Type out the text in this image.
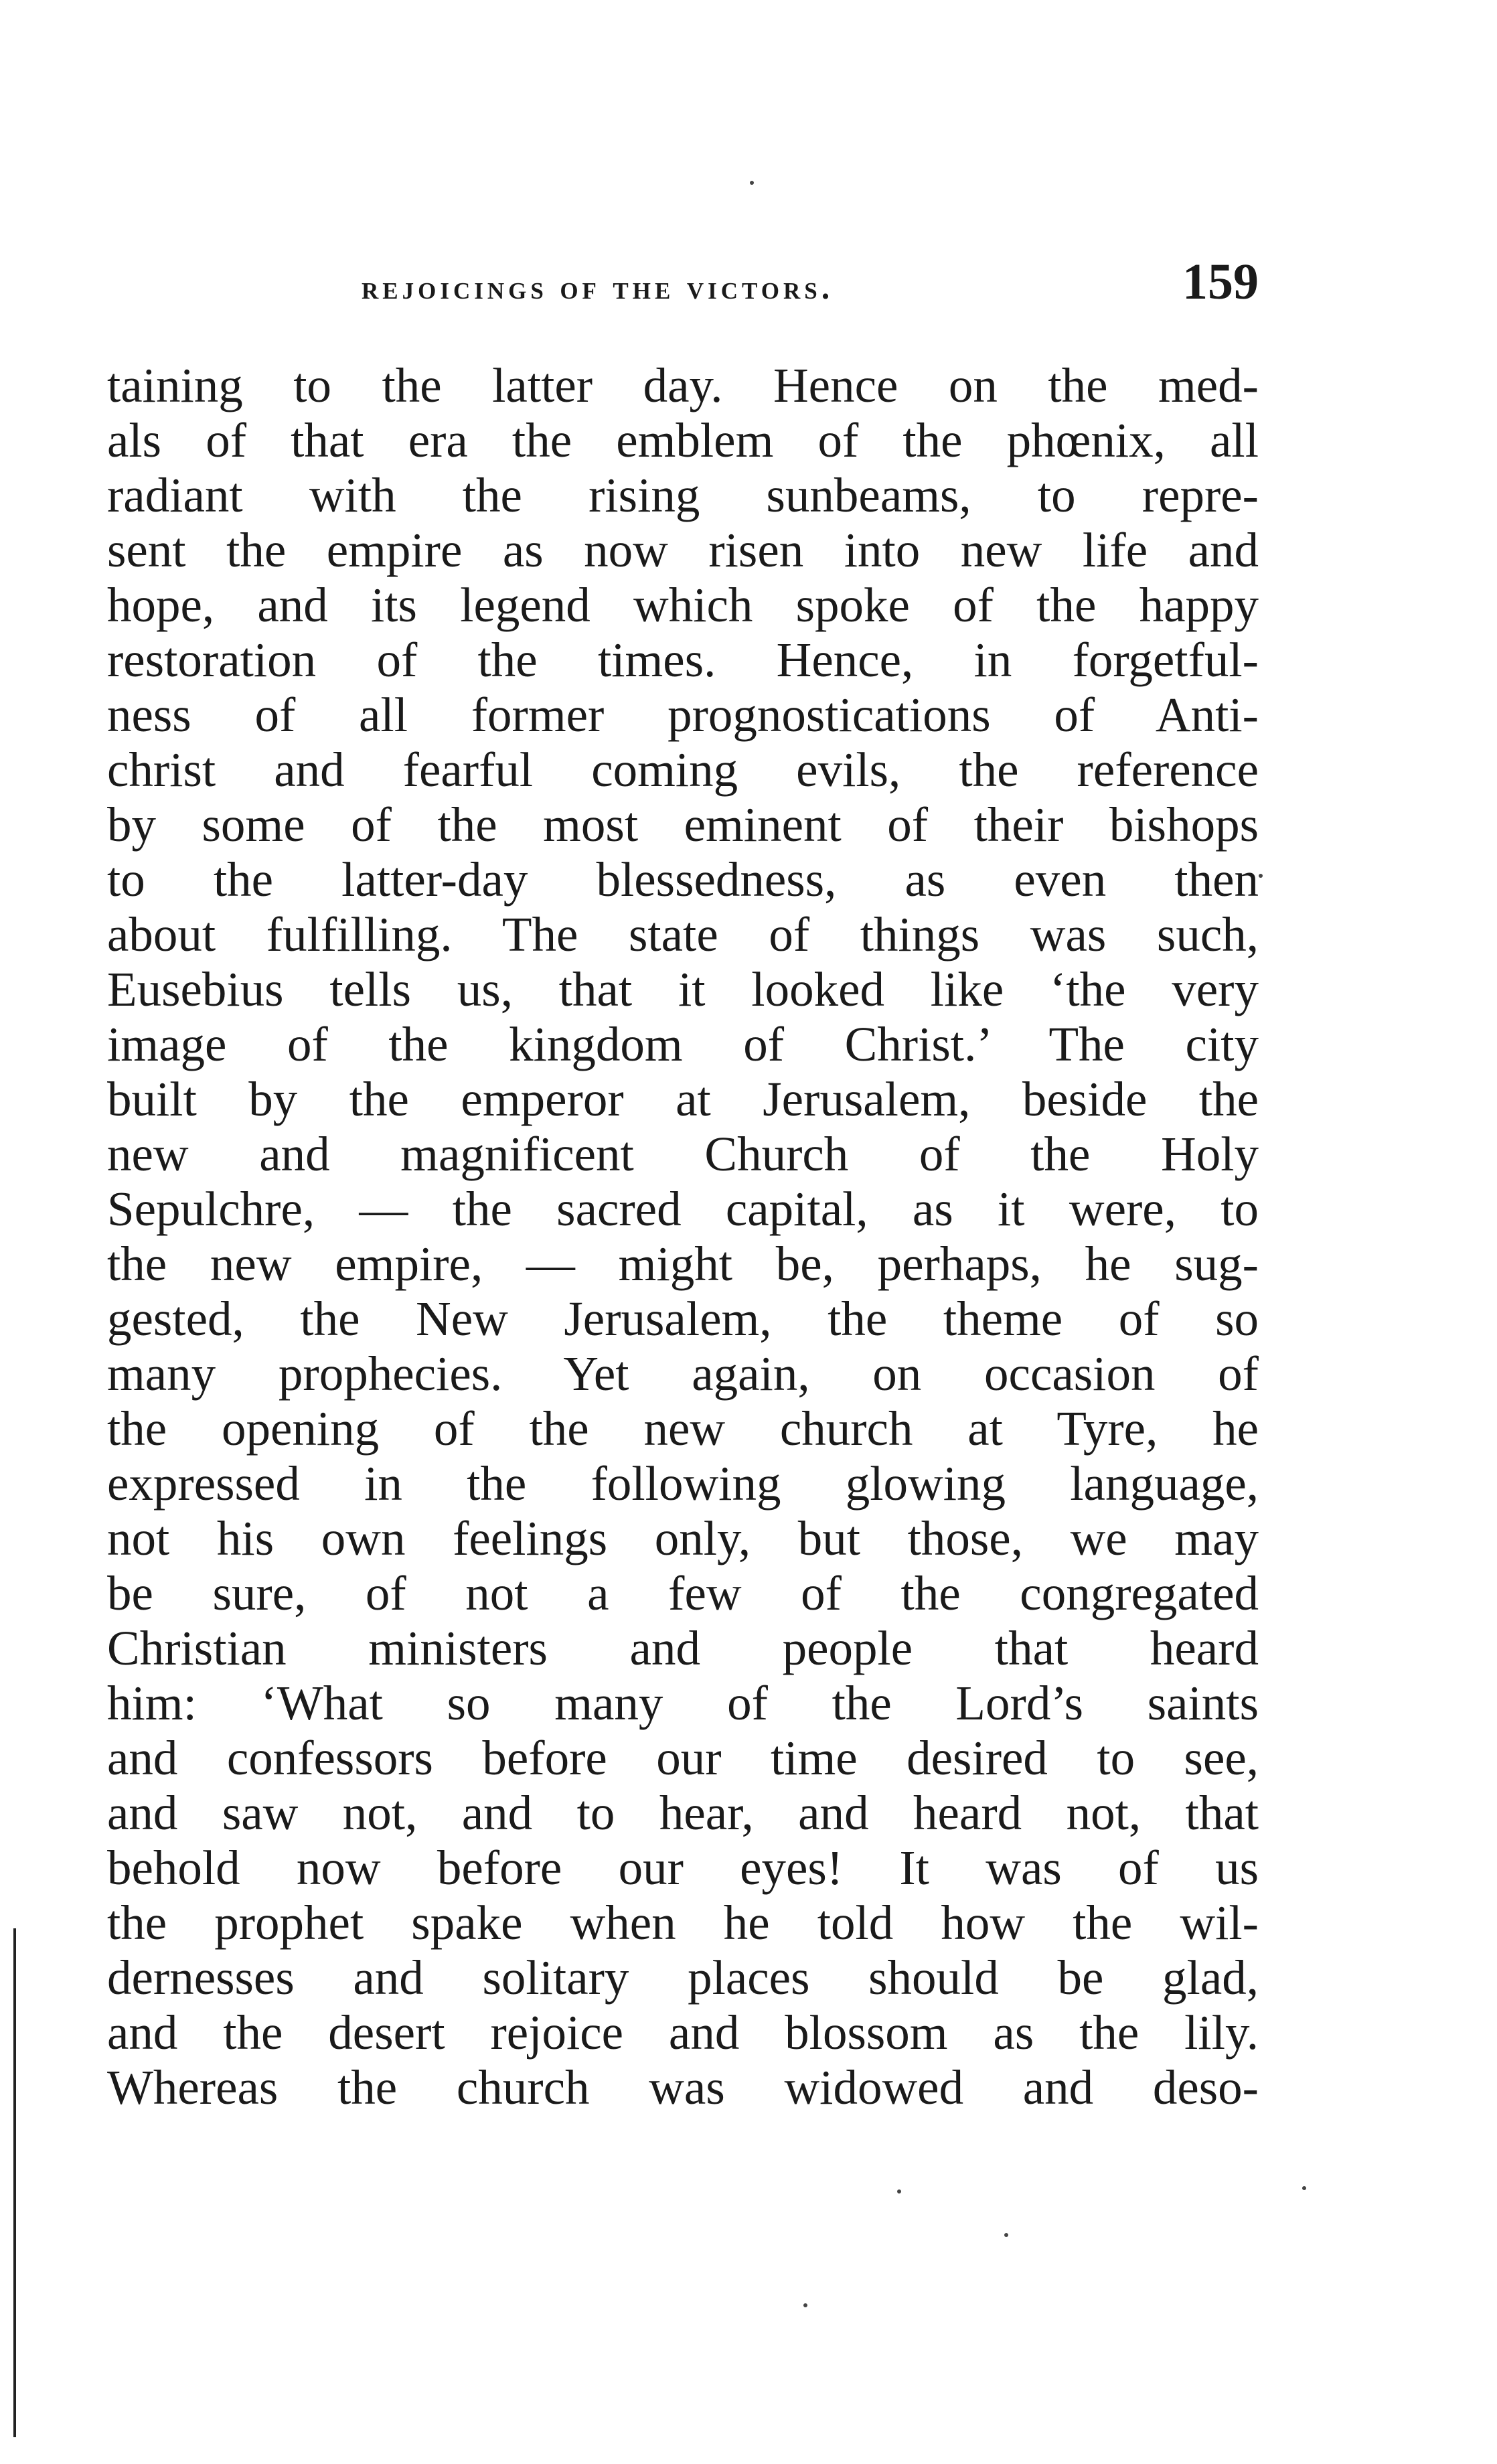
rejoicings of the victors.	159
taining to the latter day. Hence on the med-
als of that era the emblem of the phœnix, all
radiant with the rising sunbeams, to repre-
sent the empire as now risen into new life and
hope, and its legend which spoke of the happy
restoration of the times. Hence, in forgetful-
ness of all former prognostications of Anti-
christ and fearful coming evils, the reference
by some of the most eminent of their bishops
to the latter-day blessedness, as even then
about fulfilling. The state of things was such,
Eusebius tells us, that it looked like ‘the very
image of the kingdom of Christ.’ The city
built by the emperor at Jerusalem, beside the
new and magnificent Church of the Holy
Sepulchre, — the sacred capital, as it were, to
the new empire, — might be, perhaps, he sug-
gested, the New Jerusalem, the theme of so
many prophecies. Yet again, on occasion of
the opening of the new church at Tyre, he
expressed in the following glowing language,
not his own feelings only, but those, we may
be sure, of not a few of the congregated
Christian ministers and people that heard
him: ‘What so many of the Lord’s saints
and confessors before our time desired to see,
and saw not, and to hear, and heard not, that
behold now before our eyes! It was of us
the prophet spake when he told how the wil-
dernesses and solitary places should be glad,
and the desert rejoice and blossom as the lily.
Whereas the church was widowed and deso-
